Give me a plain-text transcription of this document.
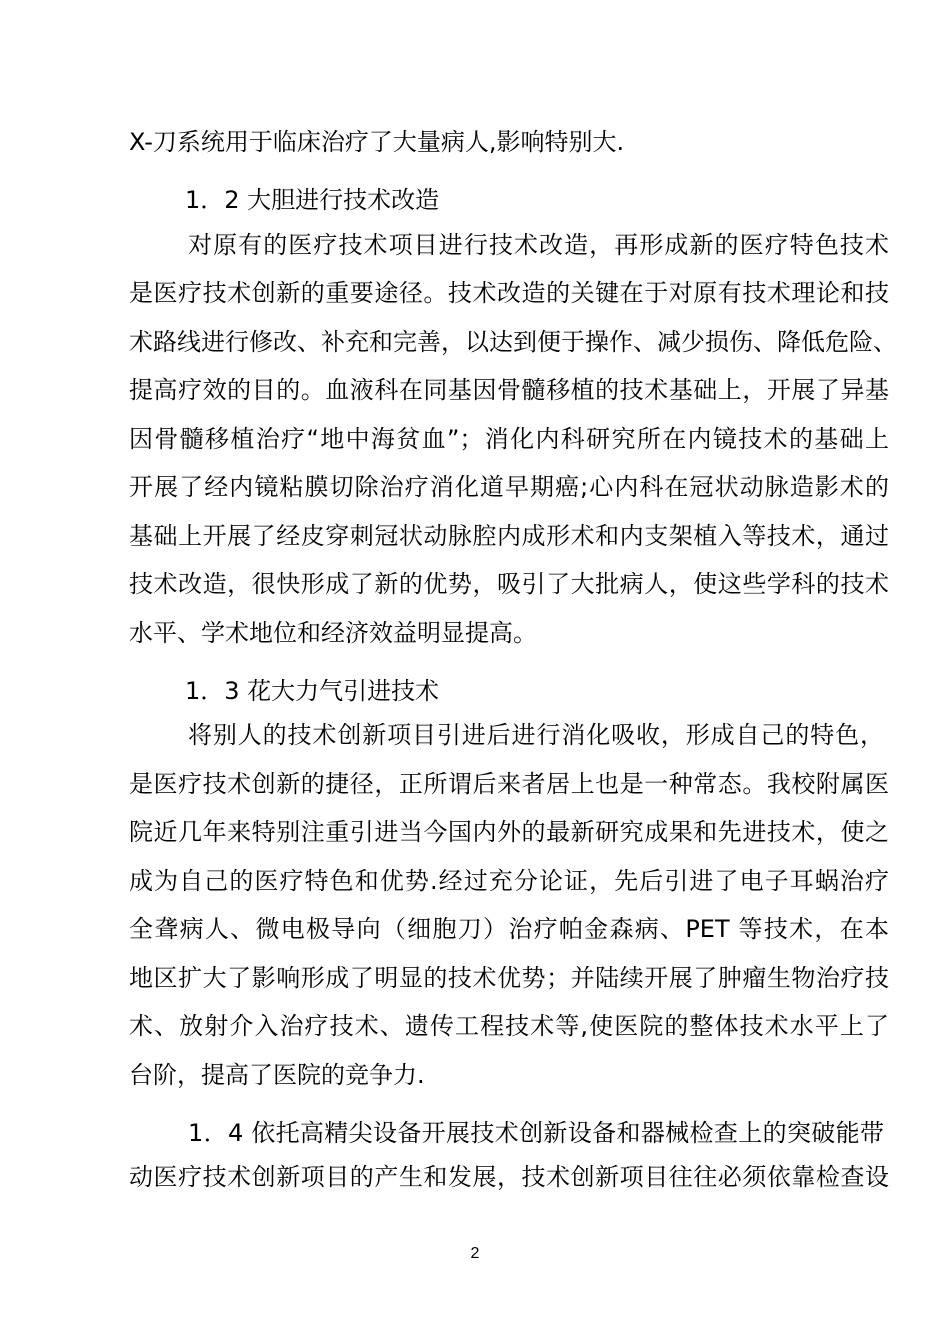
X-刀系统用于临床治疗了大量病人,影响特别大.
1．2 大胆进行技术改造
对原有的医疗技术项目进行技术改造，再形成新的医疗特色技术
是医疗技术创新的重要途径。技术改造的关键在于对原有技术理论和技
术路线进行修改、补充和完善，以达到便于操作、减少损伤、降低危险、
提高疗效的目的。血液科在同基因骨髓移植的技术基础上，开展了异基
因骨髓移植治疗“地中海贫血”；消化内科研究所在内镜技术的基础上
开展了经内镜粘膜切除治疗消化道早期癌;心内科在冠状动脉造影术的
基础上开展了经皮穿刺冠状动脉腔内成形术和内支架植入等技术，通过
技术改造，很快形成了新的优势，吸引了大批病人，使这些学科的技术
水平、学术地位和经济效益明显提高。
1．3 花大力气引进技术
将别人的技术创新项目引进后进行消化吸收，形成自己的特色，
是医疗技术创新的捷径，正所谓后来者居上也是一种常态。我校附属医
院近几年来特别注重引进当今国内外的最新研究成果和先进技术，使之
成为自己的医疗特色和优势.经过充分论证，先后引进了电子耳蜗治疗
全聋病人、微电极导向（细胞刀）治疗帕金森病、PET 等技术，在本
地区扩大了影响形成了明显的技术优势；并陆续开展了肿瘤生物治疗技
术、放射介入治疗技术、遗传工程技术等,使医院的整体技术水平上了
台阶，提高了医院的竞争力.
1．4 依托高精尖设备开展技术创新设备和器械检查上的突破能带
动医疗技术创新项目的产生和发展，技术创新项目往往必须依靠检查设
2
